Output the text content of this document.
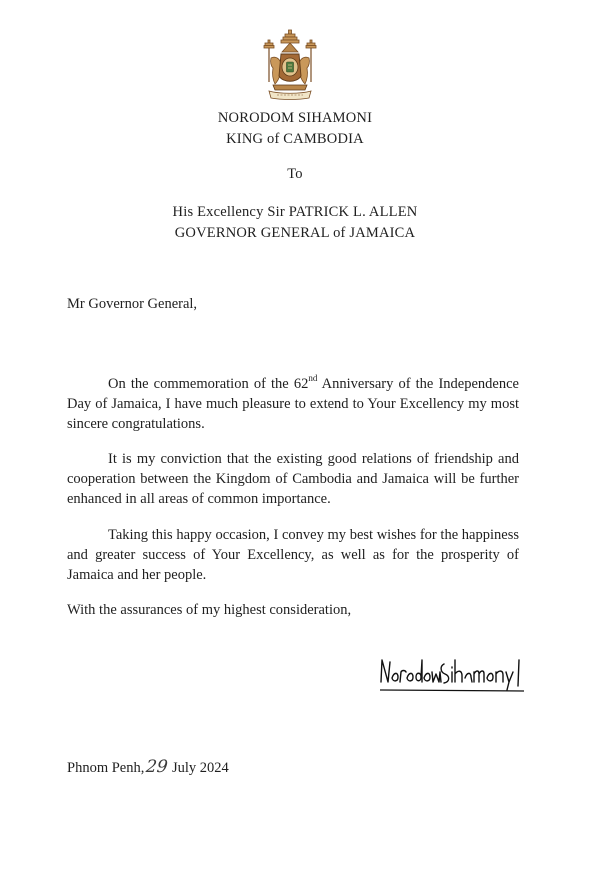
NORODOM SIHAMONI
KING of CAMBODIA
To
His Excellency Sir PATRICK L. ALLEN
GOVERNOR GENERAL of JAMAICA
Mr Governor General,
On the commemoration of the 62nd Anniversary of the Independence Day of Jamaica, I have much pleasure to extend to Your Excellency my most sincere congratulations.
It is my conviction that the existing good relations of friendship and cooperation between the Kingdom of Cambodia and Jamaica will be further enhanced in all areas of common importance.
Taking this happy occasion, I convey my best wishes for the happiness and greater success of Your Excellency, as well as for the prosperity of Jamaica and her people.
With the assurances of my highest consideration,
Phnom Penh,29 July 2024
